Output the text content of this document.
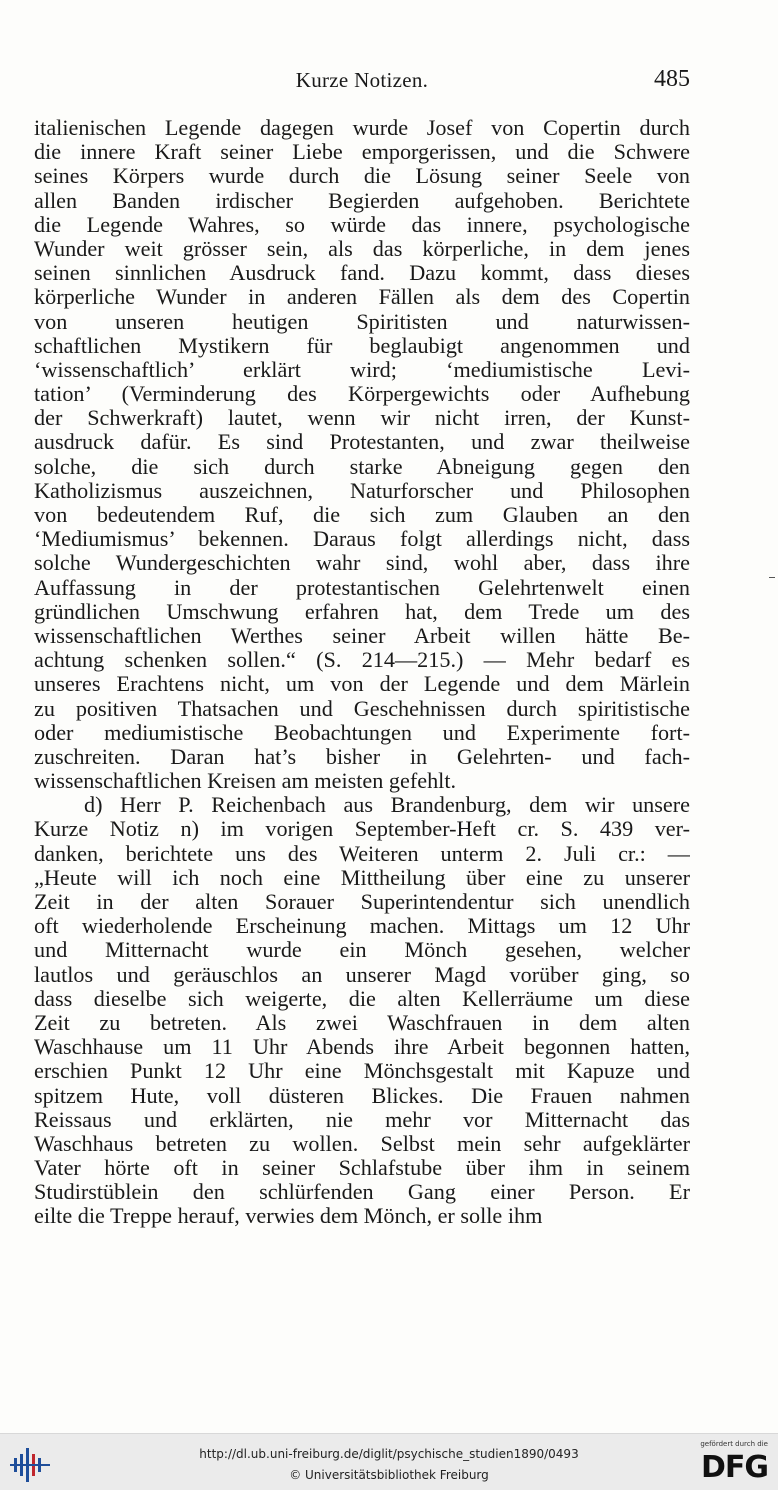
Kurze Notizen.	485
italienischen Legende dagegen wurde Josef von Copertin durch
die innere Kraft seiner Liebe emporgerissen, und die Schwere
seines Körpers wurde durch die Lösung seiner Seele von
allen Banden irdischer Begierden aufgehoben. Berichtete
die Legende Wahres, so würde das innere, psychologische
Wunder weit grösser sein, als das körperliche, in dem jenes
seinen sinnlichen Ausdruck fand. Dazu kommt, dass dieses
körperliche Wunder in anderen Fällen als dem des Copertin
von unseren heutigen Spiritisten und naturwissen-
schaftlichen Mystikern für beglaubigt angenommen und
‘wissenschaftlich’ erklärt wird; ‘mediumistische Levi-
tation’ (Verminderung des Körpergewichts oder Aufhebung
der Schwerkraft) lautet, wenn wir nicht irren, der Kunst-
ausdruck dafür. Es sind Protestanten, und zwar theilweise
solche, die sich durch starke Abneigung gegen den
Katholizismus auszeichnen, Naturforscher und Philosophen
von bedeutendem Ruf, die sich zum Glauben an den
‘Mediumismus’ bekennen. Daraus folgt allerdings nicht, dass
solche Wundergeschichten wahr sind, wohl aber, dass ihre
Auffassung in der protestantischen Gelehrtenwelt einen
gründlichen Umschwung erfahren hat, dem Trede um des
wissenschaftlichen Werthes seiner Arbeit willen hätte Be-
achtung schenken sollen.“ (S. 214—215.) — Mehr bedarf es
unseres Erachtens nicht, um von der Legende und dem Märlein
zu positiven Thatsachen und Geschehnissen durch spiritistische
oder mediumistische Beobachtungen und Experimente fort-
zuschreiten. Daran hat’s bisher in Gelehrten- und fach-
wissenschaftlichen Kreisen am meisten gefehlt.
d) Herr P. Reichenbach aus Brandenburg, dem wir unsere
Kurze Notiz n) im vorigen September-Heft cr. S. 439 ver-
danken, berichtete uns des Weiteren unterm 2. Juli cr.: —
„Heute will ich noch eine Mittheilung über eine zu unserer
Zeit in der alten Sorauer Superintendentur sich unendlich
oft wiederholende Erscheinung machen. Mittags um 12 Uhr
und Mitternacht wurde ein Mönch gesehen, welcher
lautlos und geräuschlos an unserer Magd vorüber ging, so
dass dieselbe sich weigerte, die alten Kellerräume um diese
Zeit zu betreten. Als zwei Waschfrauen in dem alten
Waschhause um 11 Uhr Abends ihre Arbeit begonnen hatten,
erschien Punkt 12 Uhr eine Mönchsgestalt mit Kapuze und
spitzem Hute, voll düsteren Blickes. Die Frauen nahmen
Reissaus und erklärten, nie mehr vor Mitternacht das
Waschhaus betreten zu wollen. Selbst mein sehr aufgeklärter
Vater hörte oft in seiner Schlafstube über ihm in seinem
Studirstüblein den schlürfenden Gang einer Person. Er
eilte die Treppe herauf, verwies dem Mönch, er solle ihm
http://dl.ub.uni-freiburg.de/diglit/psychische_studien1890/0493
© Universitätsbibliothek Freiburg
gefördert durch die
DFG
